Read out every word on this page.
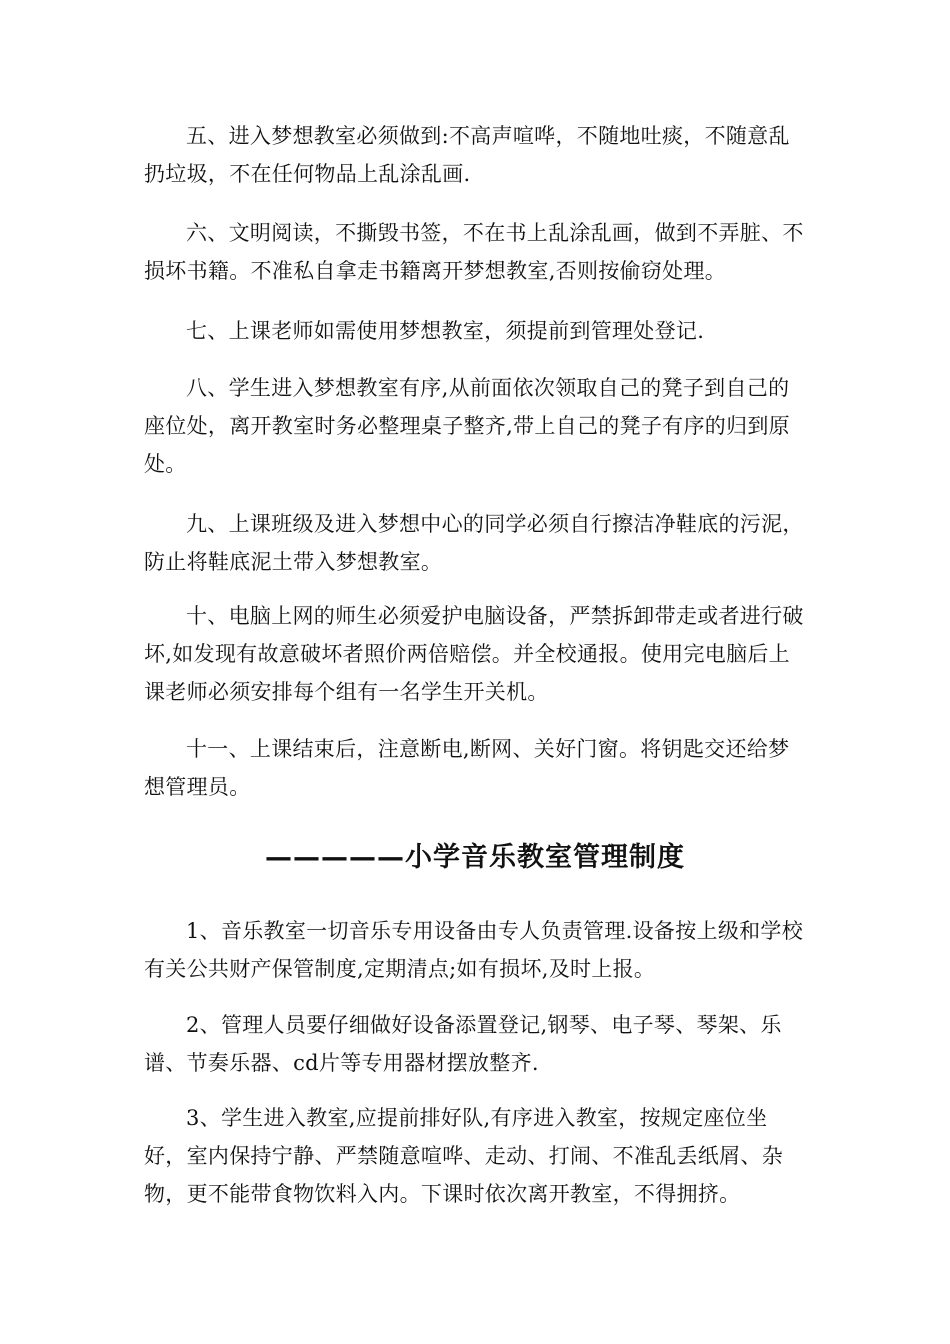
五、进入梦想教室必须做到:不高声喧哗，不随地吐痰，不随意乱扔垃圾，不在任何物品上乱涂乱画.

六、文明阅读，不撕毁书签，不在书上乱涂乱画，做到不弄脏、不损坏书籍。不准私自拿走书籍离开梦想教室,否则按偷窃处理。

七、上课老师如需使用梦想教室，须提前到管理处登记.

八、学生进入梦想教室有序,从前面依次领取自己的凳子到自己的座位处，离开教室时务必整理桌子整齐,带上自己的凳子有序的归到原处。

九、上课班级及进入梦想中心的同学必须自行擦洁净鞋底的污泥，防止将鞋底泥土带入梦想教室。

十、电脑上网的师生必须爱护电脑设备，严禁拆卸带走或者进行破坏,如发现有故意破坏者照价两倍赔偿。并全校通报。使用完电脑后上课老师必须安排每个组有一名学生开关机。

十一、上课结束后，注意断电,断网、关好门窗。将钥匙交还给梦想管理员。

—————小学音乐教室管理制度

1、音乐教室一切音乐专用设备由专人负责管理.设备按上级和学校有关公共财产保管制度,定期清点;如有损坏,及时上报。

2、管理人员要仔细做好设备添置登记,钢琴、电子琴、琴架、乐谱、节奏乐器、cd片等专用器材摆放整齐.

3、学生进入教室,应提前排好队,有序进入教室，按规定座位坐好，室内保持宁静、严禁随意喧哗、走动、打闹、不准乱丢纸屑、杂物，更不能带食物饮料入内。下课时依次离开教室，不得拥挤。
